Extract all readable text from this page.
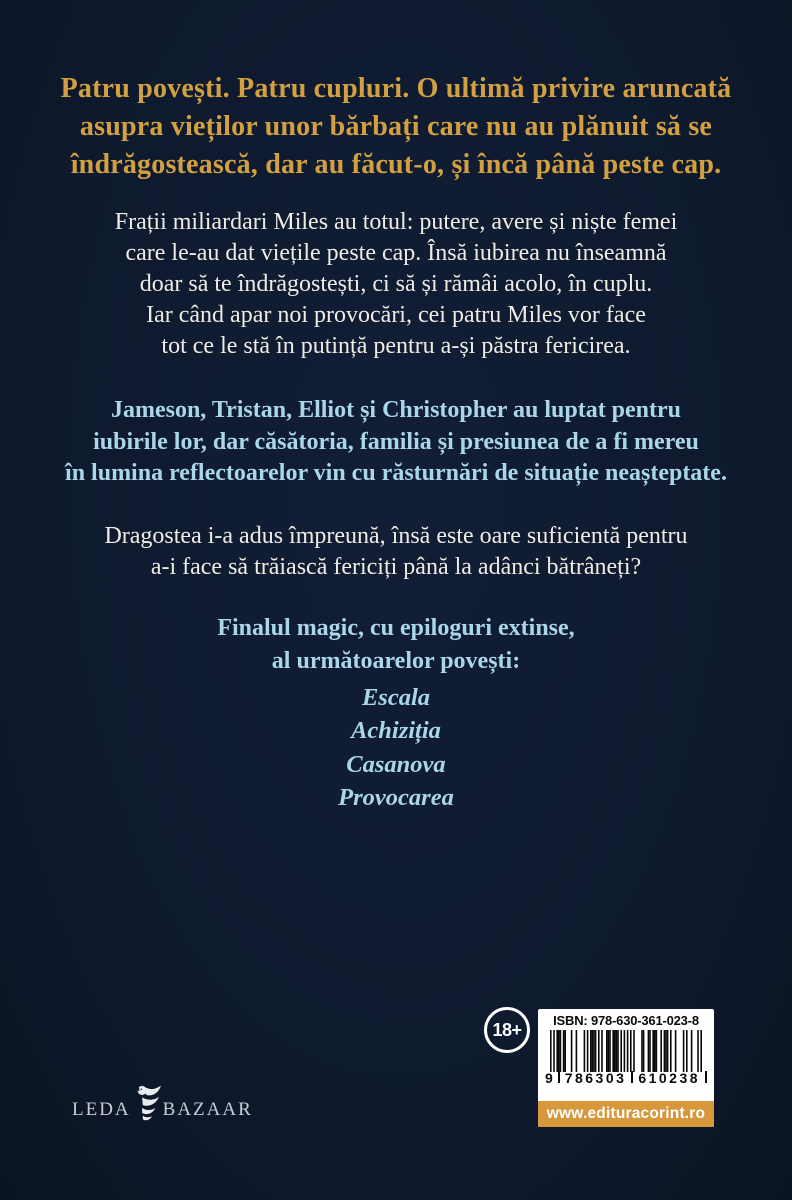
Patru povești. Patru cupluri. O ultimă privire aruncată
asupra vieților unor bărbați care nu au plănuit să se
îndrăgostească, dar au făcut-o, și încă până peste cap.
Frații miliardari Miles au totul: putere, avere și niște femei
care le-au dat viețile peste cap. Însă iubirea nu înseamnă
doar să te îndrăgostești, ci să și rămâi acolo, în cuplu.
Iar când apar noi provocări, cei patru Miles vor face
tot ce le stă în putință pentru a-și păstra fericirea.
Jameson, Tristan, Elliot și Christopher au luptat pentru
iubirile lor, dar căsătoria, familia și presiunea de a fi mereu
în lumina reflectoarelor vin cu răsturnări de situație neașteptate.
Dragostea i-a adus împreună, însă este oare suficientă pentru
a-i face să trăiască fericiți până la adânci bătrâneți?
Finalul magic, cu epiloguri extinse,
al următoarelor povești:
Escala
Achiziția
Casanova
Provocarea
18+ ISBN: 978-630-361-023-8
9 786303 610238
www.edituracorint.ro
LEDA BAZAAR
